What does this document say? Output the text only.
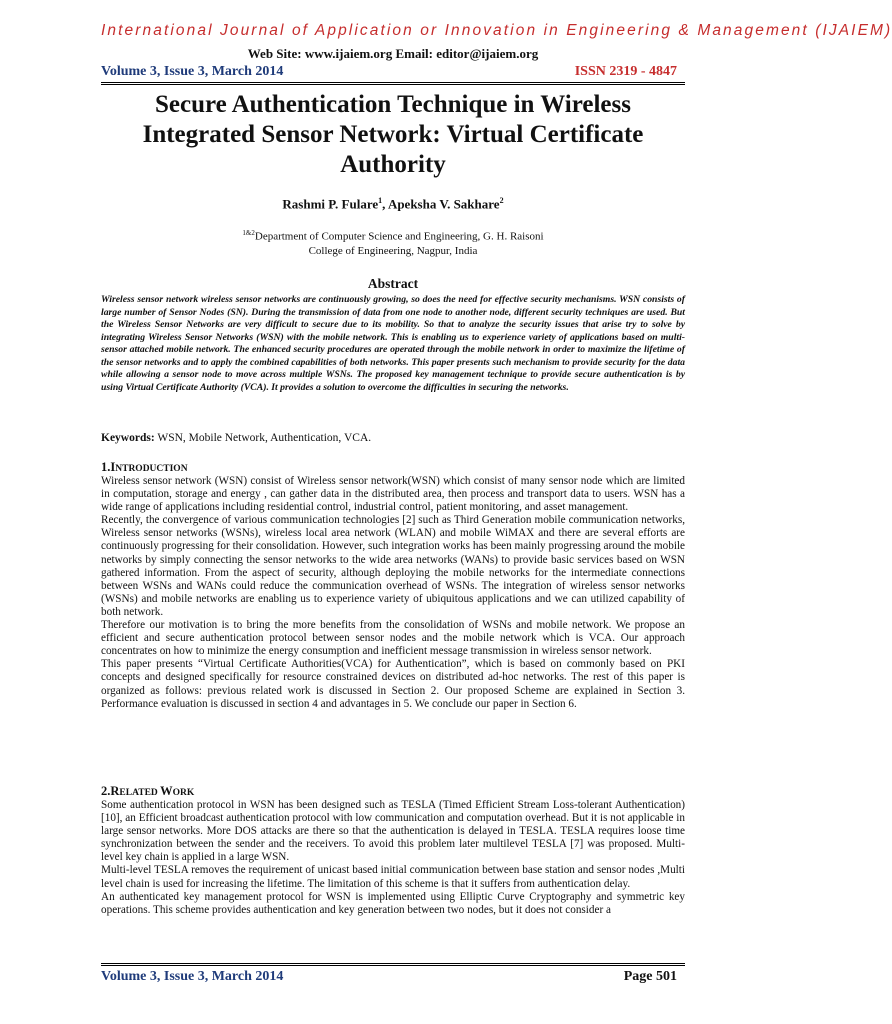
International Journal of Application or Innovation in Engineering & Management (IJAIEM)
Web Site: www.ijaiem.org Email: editor@ijaiem.org
Volume 3, Issue 3, March 2014	ISSN 2319 - 4847
Secure Authentication Technique in Wireless
Integrated Sensor Network: Virtual Certificate
Authority
Rashmi P. Fulare$^1$, Apeksha V. Sakhare$^2$
$^{1\&2}$Department of Computer Science and Engineering, G. H. Raisoni
College of Engineering, Nagpur, India
Abstract
Wireless sensor network wireless sensor networks are continuously growing, so does the need for effective security mechanisms. WSN consists of large number of Sensor Nodes (SN). During the transmission of data from one node to another node, different security techniques are used. But the Wireless Sensor Networks are very difficult to secure due to its mobility. So that to analyze the security issues that arise try to solve by integrating Wireless Sensor Networks (WSN) with the mobile network. This is enabling us to experience variety of applications based on multi-sensor attached mobile network. The enhanced security procedures are operated through the mobile network in order to maximize the lifetime of the sensor networks and to apply the combined capabilities of both networks. This paper presents such mechanism to provide security for the data while allowing a sensor node to move across multiple WSNs. The proposed key management technique to provide secure authentication is by using Virtual Certificate Authority (VCA). It provides a solution to overcome the difficulties in securing the networks.
Keywords: WSN, Mobile Network, Authentication, VCA.
1.INTRODUCTION

Wireless sensor network (WSN) consist of Wireless sensor network(WSN) which consist of many sensor node which are limited in computation, storage and energy , can gather data in the distributed area, then process and transport data to users. WSN has a wide range of applications including residential control, industrial control, patient monitoring, and asset management.

Recently, the convergence of various communication technologies [2] such as Third Generation mobile communication networks, Wireless sensor networks (WSNs), wireless local area network (WLAN) and mobile WiMAX and there are several efforts are continuously progressing for their consolidation. However, such integration works has been mainly progressing around the mobile networks by simply connecting the sensor networks to the wide area networks (WANs) to provide basic services based on WSN gathered information. From the aspect of security, although deploying the mobile networks for the intermediate connections between WSNs and WANs could reduce the communication overhead of WSNs. The integration of wireless sensor networks (WSNs) and mobile networks are enabling us to experience variety of ubiquitous applications and we can utilized capability of both network.

Therefore our motivation is to bring the more benefits from the consolidation of WSNs and mobile network. We propose an efficient and secure authentication protocol between sensor nodes and the mobile network which is VCA. Our approach concentrates on how to minimize the energy consumption and inefficient message transmission in wireless sensor network.

This paper presents “Virtual Certificate Authorities(VCA) for Authentication”, which is based on commonly based on PKI concepts and designed specifically for resource constrained devices on distributed ad-hoc networks. The rest of this paper is organized as follows: previous related work is discussed in Section 2. Our proposed Scheme are explained in Section 3. Performance evaluation is discussed in section 4 and advantages in 5. We conclude our paper in Section 6.

2.RELATED WORK

Some authentication protocol in WSN has been designed such as TESLA (Timed Efficient Stream Loss-tolerant Authentication) [10], an Efficient broadcast authentication protocol with low communication and computation overhead. But it is not applicable in large sensor networks. More DOS attacks are there so that the authentication is delayed in TESLA. TESLA requires loose time synchronization between the sender and the receivers. To avoid this problem later multilevel TESLA [7] was proposed. Multi-level key chain is applied in a large WSN.

Multi-level TESLA removes the requirement of unicast based initial communication between base station and sensor nodes ,Multi level chain is used for increasing the lifetime. The limitation of this scheme is that it suffers from authentication delay.

An authenticated key management protocol for WSN is implemented using Elliptic Curve Cryptography and symmetric key operations. This scheme provides authentication and key generation between two nodes, but it does not consider a

Volume 3, Issue 3, March 2014	Page 501
